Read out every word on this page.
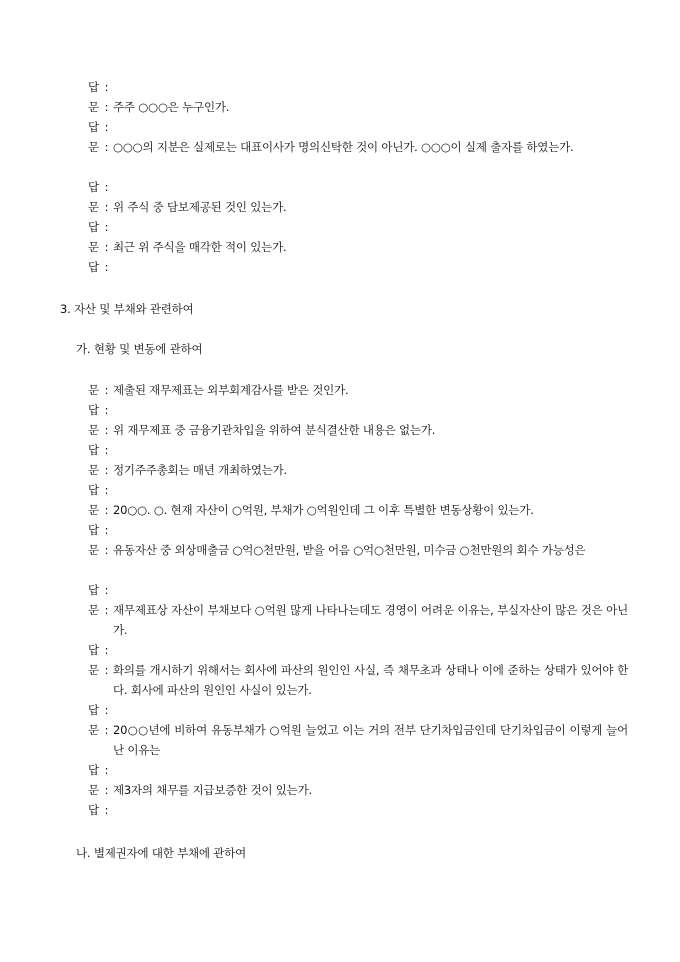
답 :
문 : 주주 ○○○은 누구인가.
답 :
문 : ○○○의 지분은 실제로는 대표이사가 명의신탁한 것이 아닌가. ○○○이 실제 출자를 하였는가.
답 :
문 : 위 주식 중 담보제공된 것인 있는가.
답 :
문 : 최근 위 주식을 매각한 적이 있는가.
답 :
3. 자산 및 부채와 관련하여
가. 현황 및 변동에 관하여
문 : 제출된 재무제표는 외부회계감사를 받은 것인가.
답 :
문 : 위 재무제표 중 금융기관차입을 위하여 분식결산한 내용은 없는가.
답 :
문 : 정기주주총회는 매년 개최하였는가.
답 :
문 : 20○○. ○. 현재 자산이 ○억원, 부채가 ○억원인데 그 이후 특별한 변동상황이 있는가.
답 :
문 : 유동자산 중 외상매출금 ○억○천만원, 받을 어음 ○억○천만원, 미수금 ○천만원의 회수 가능성은
답 :
문 : 재무제표상 자산이 부채보다 ○억원 많게 나타나는데도 경영이 어려운 이유는, 부실자산이 많은 것은 아닌가.
답 :
문 : 화의를 개시하기 위해서는 회사에 파산의 원인인 사실, 즉 채무초과 상태나 이에 준하는 상태가 있어야 한다. 회사에 파산의 원인인 사실이 있는가.
답 :
문 : 20○○년에 비하여 유동부채가 ○억원 늘었고 이는 거의 전부 단기차입금인데 단기차입금이 이렇게 늘어난 이유는
답 :
문 : 제3자의 채무를 지급보증한 것이 있는가.
답 :
나. 별제권자에 대한 부채에 관하여
